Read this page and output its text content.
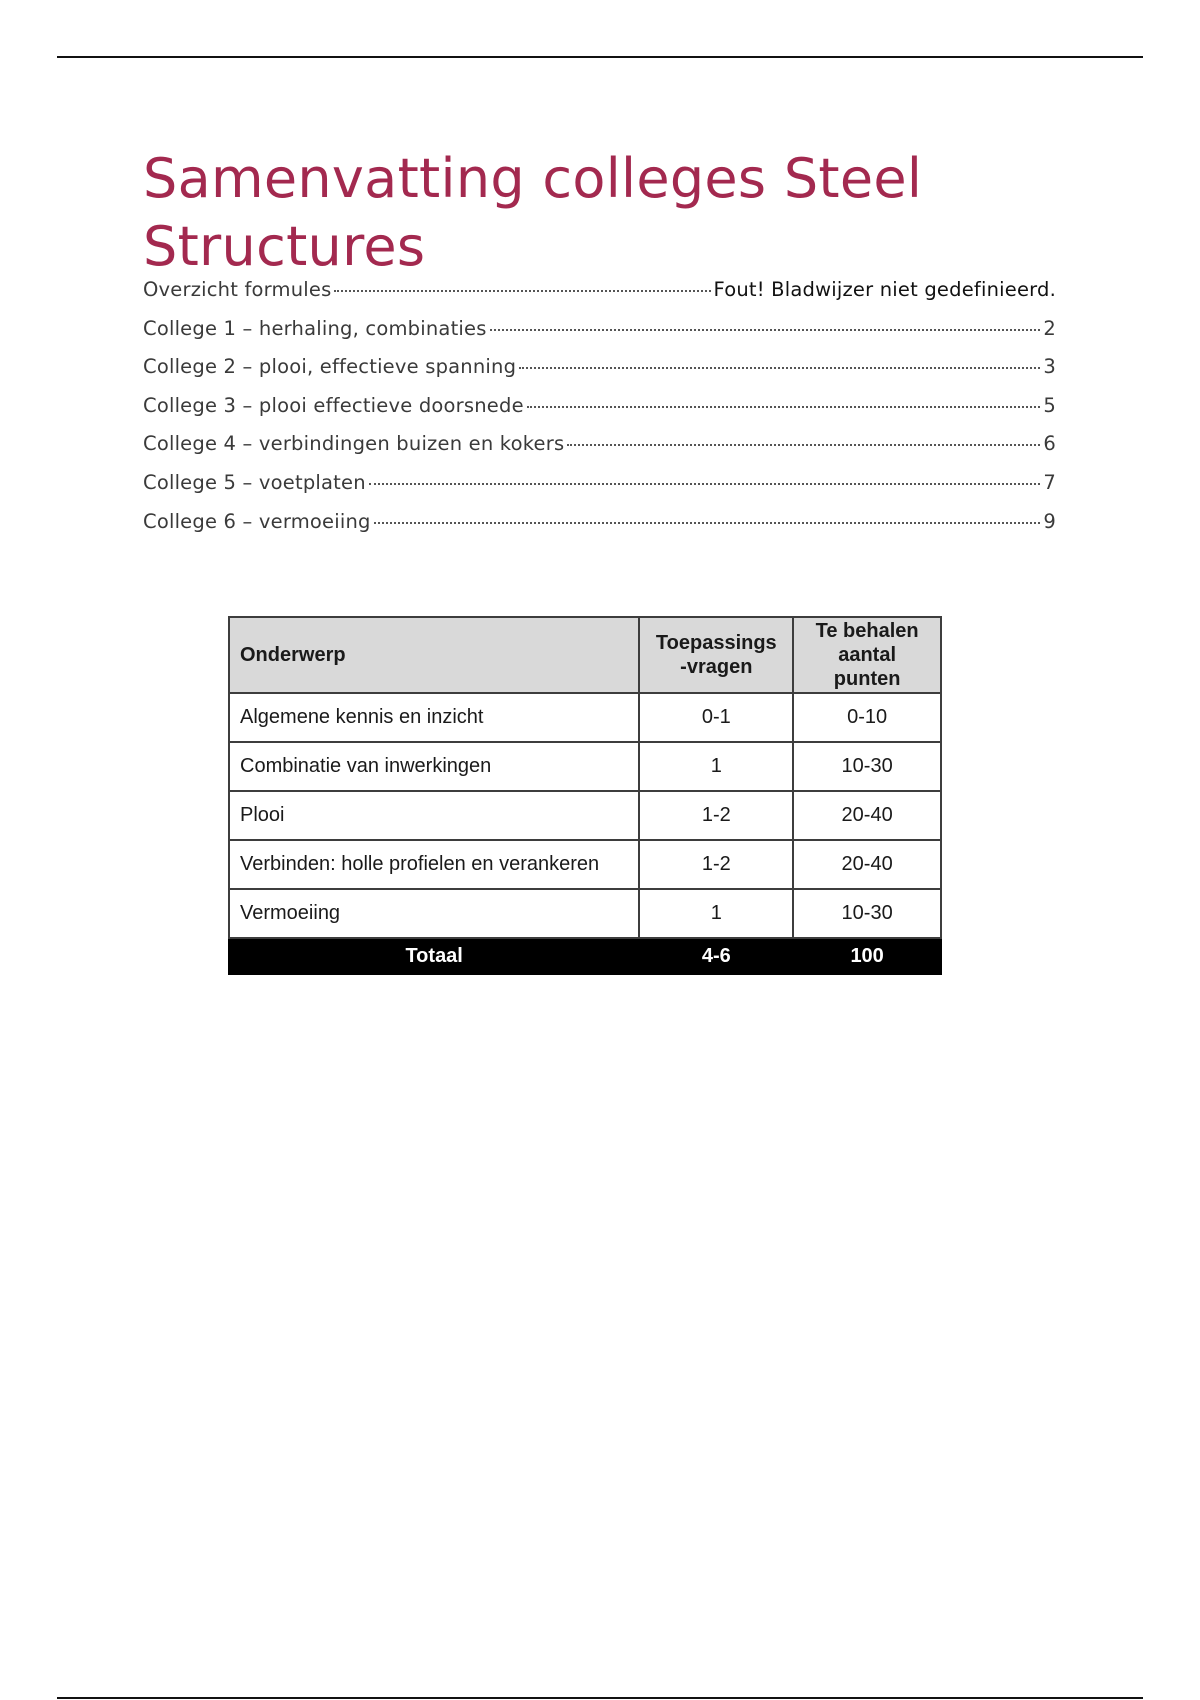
Samenvatting colleges Steel Structures
Overzicht formules	Fout! Bladwijzer niet gedefinieerd.
College 1 – herhaling, combinaties	2
College 2 – plooi, effectieve spanning	3
College 3 – plooi effectieve doorsnede	5
College 4 – verbindingen buizen en kokers	6
College 5 – voetplaten	7
College 6 – vermoeiing	9
Onderwerp	Toepassings -vragen	Te behalen aantal punten
Algemene kennis en inzicht	0-1	0-10
Combinatie van inwerkingen	1	10-30
Plooi	1-2	20-40
Verbinden: holle profielen en verankeren	1-2	20-40
Vermoeiing	1	10-30
Totaal	4-6	100
